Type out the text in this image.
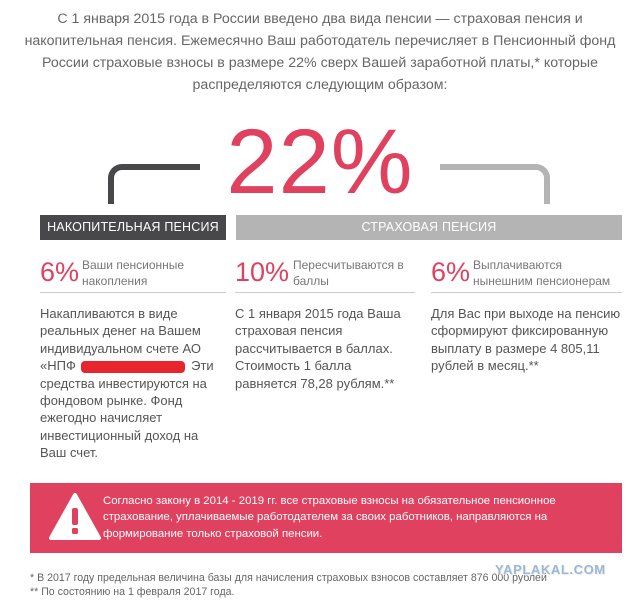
С 1 января 2015 года в России введено два вида пенсии — страховая пенсия и накопительная пенсия. Ежемесячно Ваш работодатель перечисляет в Пенсионный фонд России страховые взносы в размере 22% сверх Вашей заработной платы,* которые распределяются следующим образом:
22%
НАКОПИТЕЛЬНАЯ ПЕНСИЯ	СТРАХОВАЯ ПЕНСИЯ
6% Ваши пенсионные накопления
Накапливаются в виде реальных денег на Вашем индивидуальном счете АО «НПФ	Эти средства инвестируются на фондовом рынке. Фонд ежегодно начисляет инвестиционный доход на Ваш счет.
10% Пересчитываются в баллы
С 1 января 2015 года Ваша страховая пенсия рассчитывается в баллах. Стоимость 1 балла равняется 78,28 рублям.**
6% Выплачиваются нынешним пенсионерам
Для Вас при выходе на пенсию сформируют фиксированную выплату в размере 4 805,11 рублей в месяц.**
Согласно закону в 2014 - 2019 гг. все страховые взносы на обязательное пенсионное страхование, уплачиваемые работодателем за своих работников, направляются на формирование только страховой пенсии.
* В 2017 году предельная величина базы для начисления страховых взносов составляет 876 000 рублей
** По состоянию на 1 февраля 2017 года.
YAPLAKAL.COM
